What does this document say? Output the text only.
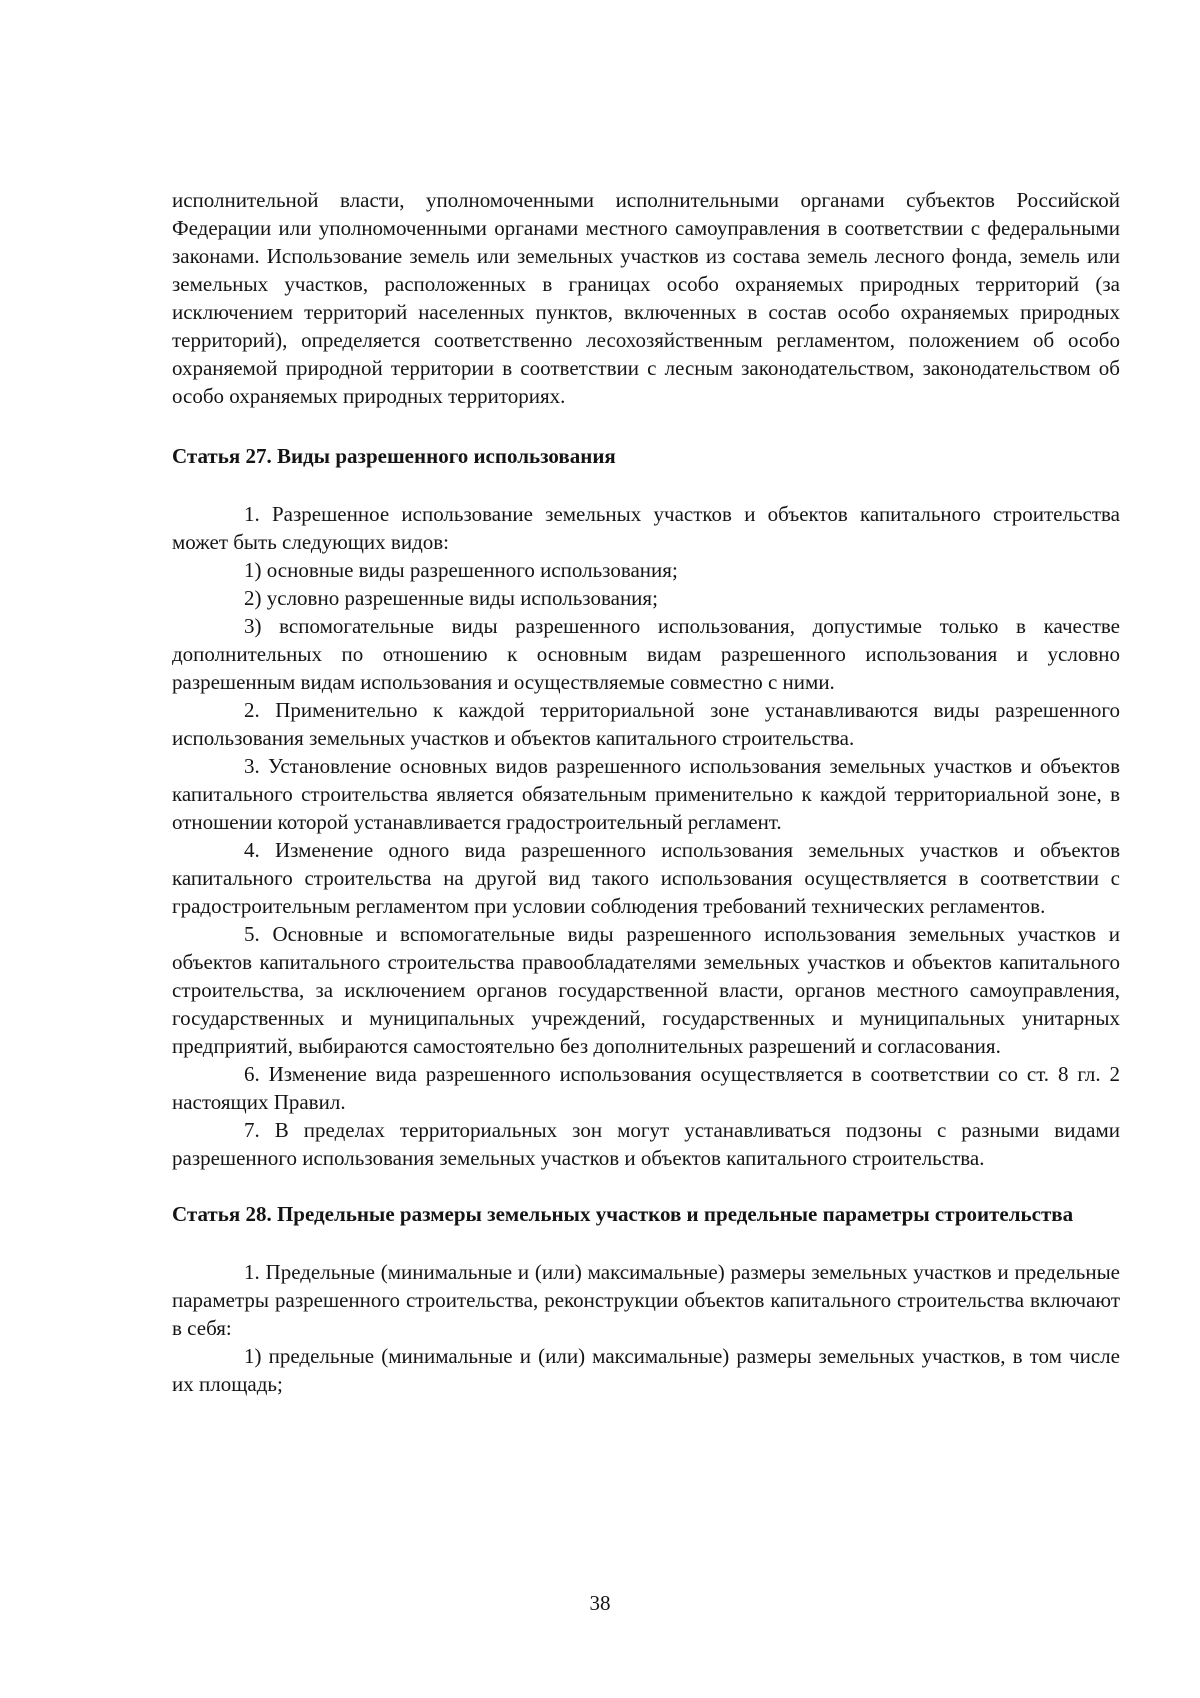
исполнительной власти, уполномоченными исполнительными органами субъектов Российской Федерации или уполномоченными органами местного самоуправления в соответствии с федеральными законами. Использование земель или земельных участков из состава земель лесного фонда, земель или земельных участков, расположенных в границах особо охраняемых природных территорий (за исключением территорий населенных пунктов, включенных в состав особо охраняемых природных территорий), определяется соответственно лесохозяйственным регламентом, положением об особо охраняемой природной территории в соответствии с лесным законодательством, законодательством об особо охраняемых природных территориях.

Статья 27. Виды разрешенного использования

1. Разрешенное использование земельных участков и объектов капитального строительства может быть следующих видов:

1) основные виды разрешенного использования;

2) условно разрешенные виды использования;

3) вспомогательные виды разрешенного использования, допустимые только в качестве дополнительных по отношению к основным видам разрешенного использования и условно разрешенным видам использования и осуществляемые совместно с ними.

2. Применительно к каждой территориальной зоне устанавливаются виды разрешенного использования земельных участков и объектов капитального строительства.

3. Установление основных видов разрешенного использования земельных участков и объектов капитального строительства является обязательным применительно к каждой территориальной зоне, в отношении которой устанавливается градостроительный регламент.

4. Изменение одного вида разрешенного использования земельных участков и объектов капитального строительства на другой вид такого использования осуществляется в соответствии с градостроительным регламентом при условии соблюдения требований технических регламентов.

5. Основные и вспомогательные виды разрешенного использования земельных участков и объектов капитального строительства правообладателями земельных участков и объектов капитального строительства, за исключением органов государственной власти, органов местного самоуправления, государственных и муниципальных учреждений, государственных и муниципальных унитарных предприятий, выбираются самостоятельно без дополнительных разрешений и согласования.

6. Изменение вида разрешенного использования осуществляется в соответствии со ст. 8 гл. 2 настоящих Правил.

7. В пределах территориальных зон могут устанавливаться подзоны с разными видами разрешенного использования земельных участков и объектов капитального строительства.

Статья 28. Предельные размеры земельных участков и предельные параметры строительства

1. Предельные (минимальные и (или) максимальные) размеры земельных участков и предельные параметры разрешенного строительства, реконструкции объектов капитального строительства включают в себя:

1) предельные (минимальные и (или) максимальные) размеры земельных участков, в том числе их площадь;

38
